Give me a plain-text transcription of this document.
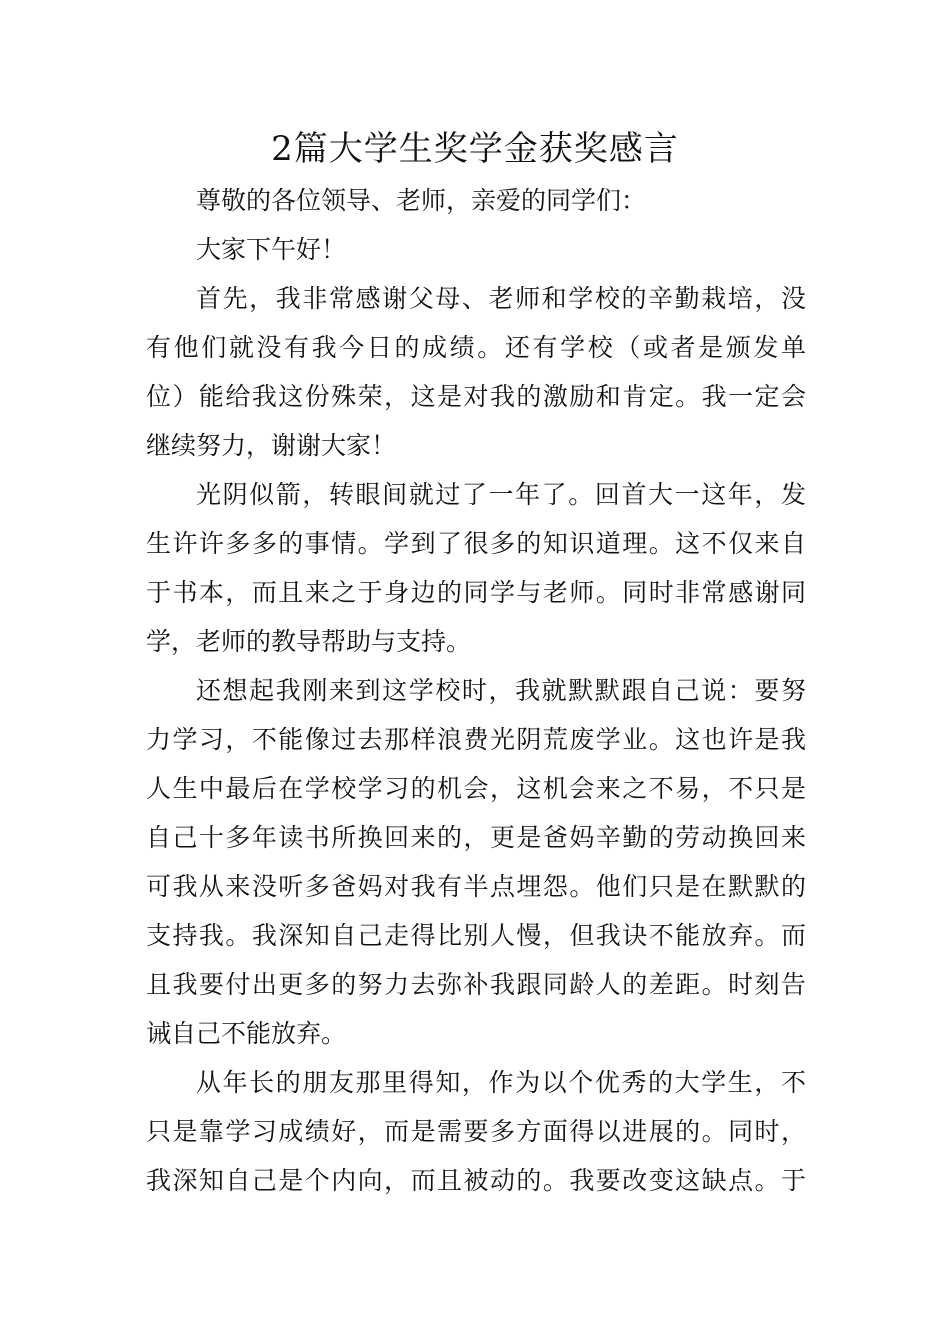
2篇大学生奖学金获奖感言
尊敬的各位领导、老师，亲爱的同学们：
大家下午好！
首先，我非常感谢父母、老师和学校的辛勤栽培，没
有他们就没有我今日的成绩。还有学校（或者是颁发单
位）能给我这份殊荣，这是对我的激励和肯定。我一定会
继续努力，谢谢大家！
光阴似箭，转眼间就过了一年了。回首大一这年，发
生许许多多的事情。学到了很多的知识道理。这不仅来自
于书本，而且来之于身边的同学与老师。同时非常感谢同
学，老师的教导帮助与支持。
还想起我刚来到这学校时，我就默默跟自己说：要努
力学习，不能像过去那样浪费光阴荒废学业。这也许是我
人生中最后在学校学习的机会，这机会来之不易，不只是
自己十多年读书所换回来的，更是爸妈辛勤的劳动换回来
可我从来没听多爸妈对我有半点埋怨。他们只是在默默的
支持我。我深知自己走得比别人慢，但我诀不能放弃。而
且我要付出更多的努力去弥补我跟同龄人的差距。时刻告
诫自己不能放弃。
从年长的朋友那里得知，作为以个优秀的大学生，不
只是靠学习成绩好，而是需要多方面得以进展的。同时，
我深知自己是个内向，而且被动的。我要改变这缺点。于
